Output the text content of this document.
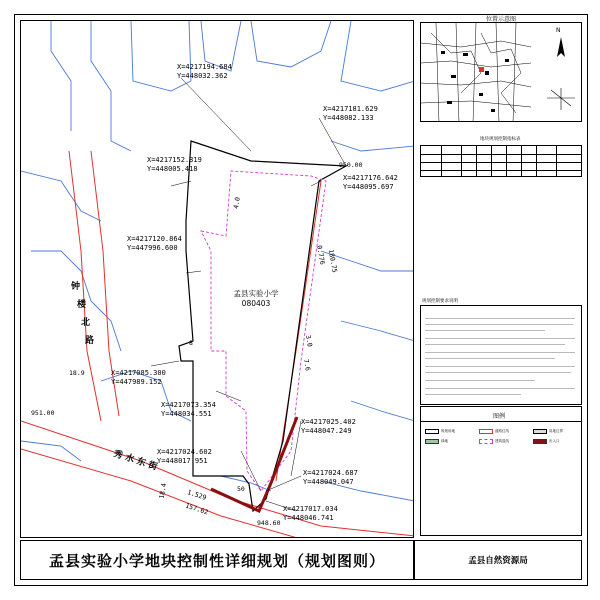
钟
楼
北
路
秀 水 东 街
孟县实验小学
080403
X=4217194.684
Y=448032.362
X=4217181.629
Y=448082.133
X=4217152.319
Y=448005.418
X=4217176.642
Y=448095.697
X=4217120.864
Y=447996.600
X=4217085.300
Y=447989.152
X=4217073.354
Y=448034.551
X=4217025.402
Y=448047.249
X=4217024.602
Y=448017.951
X=4217024.687
Y=448049.047
X=4217017.034
Y=448046.741
950.00
951.00
948.60
0.776 180.75
18.9
18.4	1.529
157.62
3.0
7.6
8
50
4.0
位置示意图
N
地块规划控制指标表
规划控制要求说明
图例
规划用地	道路红线	用地边界
绿地	建筑退线	出入口
孟县实验小学地块控制性详细规划（规划图则）	孟县自然资源局
